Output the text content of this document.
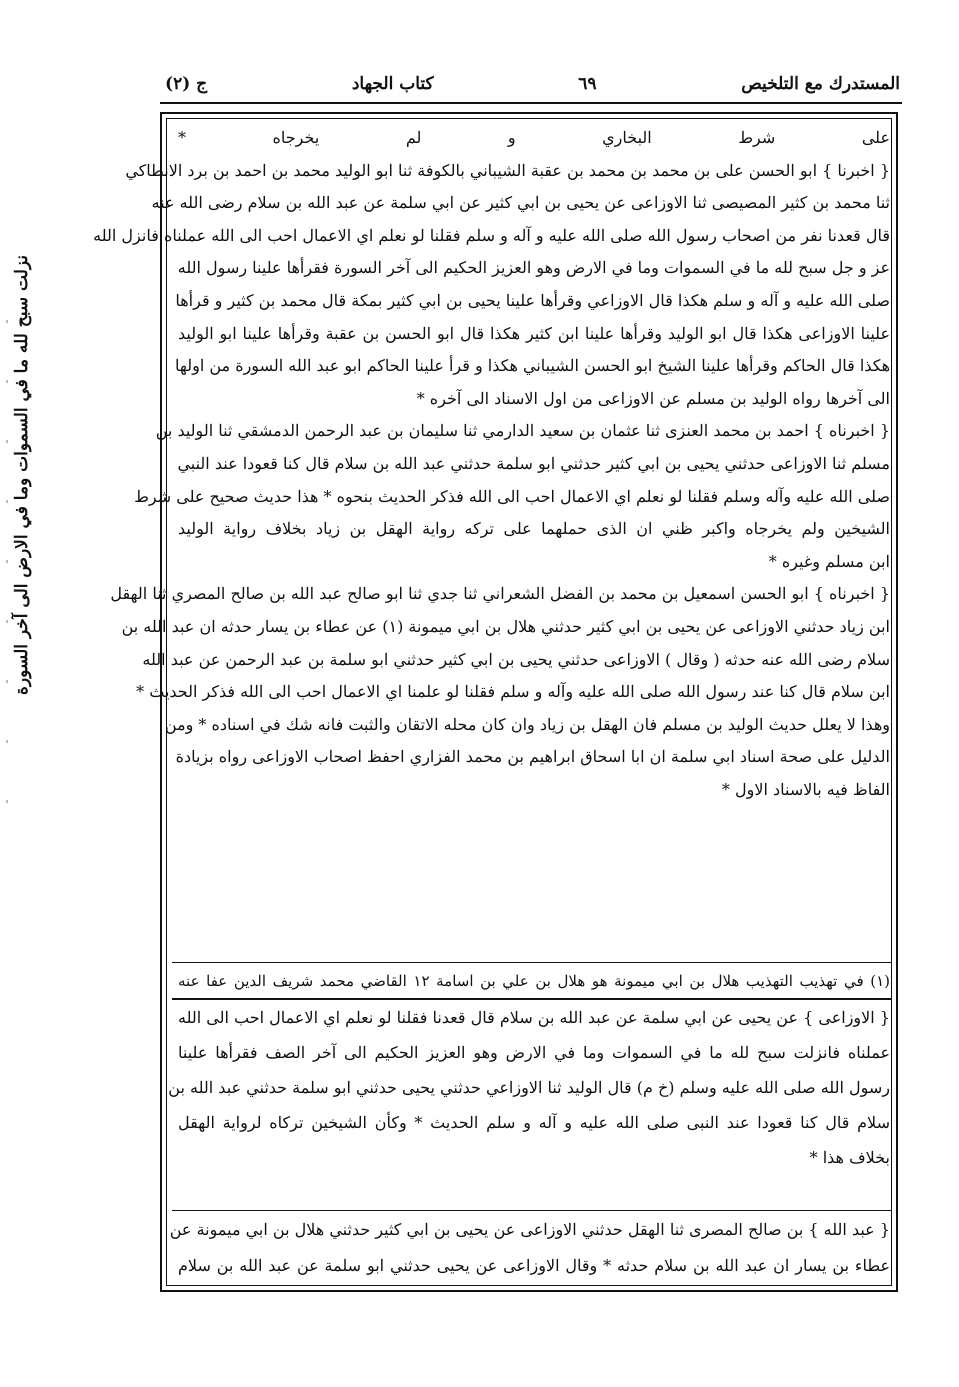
المستدرك مع التلخيص
٦٩
كتاب الجهاد
ج (٢)
نزلت سبح لله ما في السموات وما في الارض الى آخر السورة
على شرط البخاري و لم يخرجاه *
{ اخبرنا } ابو الحسن على بن محمد بن محمد بن عقبة الشيباني بالكوفة ثنا ابو الوليد محمد بن احمد بن برد الانطاكي
ثنا محمد بن كثير المصيصى ثنا الاوزاعى عن يحيى بن ابي كثير عن ابي سلمة عن عبد الله بن سلام رضى الله عنه
قال قعدنا نفر من اصحاب رسول الله صلى الله عليه و آله و سلم فقلنا لو نعلم اي الاعمال احب الى الله عملناه فانزل الله
عز و جل سبح لله ما في السموات وما في الارض وهو العزيز الحكيم الى آخر السورة فقرأها علينا رسول الله
صلى الله عليه و آله و سلم هكذا قال الاوزاعي وقرأها علينا يحيى بن ابي كثير بمكة قال محمد بن كثير و قرأها
علينا الاوزاعى هكذا قال ابو الوليد وقرأها علينا ابن كثير هكذا قال ابو الحسن بن عقبة وقرأها علينا ابو الوليد
هكذا قال الحاكم وقرأها علينا الشيخ ابو الحسن الشيباني هكذا و قرأ علينا الحاكم ابو عبد الله السورة من اولها
الى آخرها رواه الوليد بن مسلم عن الاوزاعى من اول الاسناد الى آخره *
{ اخبرناه } احمد بن محمد العنزى ثنا عثمان بن سعيد الدارمي ثنا سليمان بن عبد الرحمن الدمشقي ثنا الوليد بن
مسلم ثنا الاوزاعى حدثني يحيى بن ابي كثير حدثني ابو سلمة حدثني عبد الله بن سلام قال كنا قعودا عند النبي
صلى الله عليه وآله وسلم فقلنا لو نعلم اي الاعمال احب الى الله فذكر الحديث بنحوه * هذا حديث صحيح على شرط
الشيخين ولم يخرجاه واكبر ظني ان الذى حملهما على تركه رواية الهقل بن زياد بخلاف رواية الوليد
ابن مسلم وغيره *
{ اخبرناه } ابو الحسن اسمعيل بن محمد بن الفضل الشعراني ثنا جدي ثنا ابو صالح عبد الله بن صالح المصري ثنا الهقل
ابن زياد حدثني الاوزاعى عن يحيى بن ابي كثير حدثني هلال بن ابي ميمونة (١) عن عطاء بن يسار حدثه ان عبد الله بن
سلام رضى الله عنه حدثه ( وقال ) الاوزاعى حدثني يحيى بن ابي كثير حدثني ابو سلمة بن عبد الرحمن عن عبد الله
ابن سلام قال كنا عند رسول الله صلى الله عليه وآله و سلم فقلنا لو علمنا اي الاعمال احب الى الله فذكر الحديث *
وهذا لا يعلل حديث الوليد بن مسلم فان الهقل بن زياد وان كان محله الاتقان والثبت فانه شك في اسناده * ومن
الدليل على صحة اسناد ابي سلمة ان ابا اسحاق ابراهيم بن محمد الفزاري احفظ اصحاب الاوزاعى رواه بزيادة
الفاظ فيه بالاسناد الاول *
(١) في تهذيب التهذيب هلال بن ابي ميمونة هو هلال بن علي بن اسامة ١٢ القاضي محمد شريف الدين عفا عنه
{ الاوزاعى } عن يحيى عن ابي سلمة عن عبد الله بن سلام قال قعدنا فقلنا لو نعلم اي الاعمال احب الى الله
عملناه فانزلت سبح لله ما في السموات وما في الارض وهو العزيز الحكيم الى آخر الصف فقرأها علينا
رسول الله صلى الله عليه وسلم (خ م) قال الوليد ثنا الاوزاعي حدثني يحيى حدثني ابو سلمة حدثني عبد الله بن
سلام قال كنا قعودا عند النبى صلى الله عليه و آله و سلم الحديث * وكأن الشيخين تركاه لرواية الهقل
بخلاف هذا *
{ عبد الله } بن صالح المصرى ثنا الهقل حدثني الاوزاعى عن يحيى بن ابي كثير حدثني هلال بن ابي ميمونة عن
عطاء بن يسار ان عبد الله بن سلام حدثه * وقال الاوزاعى عن يحيى حدثني ابو سلمة عن عبد الله بن سلام
